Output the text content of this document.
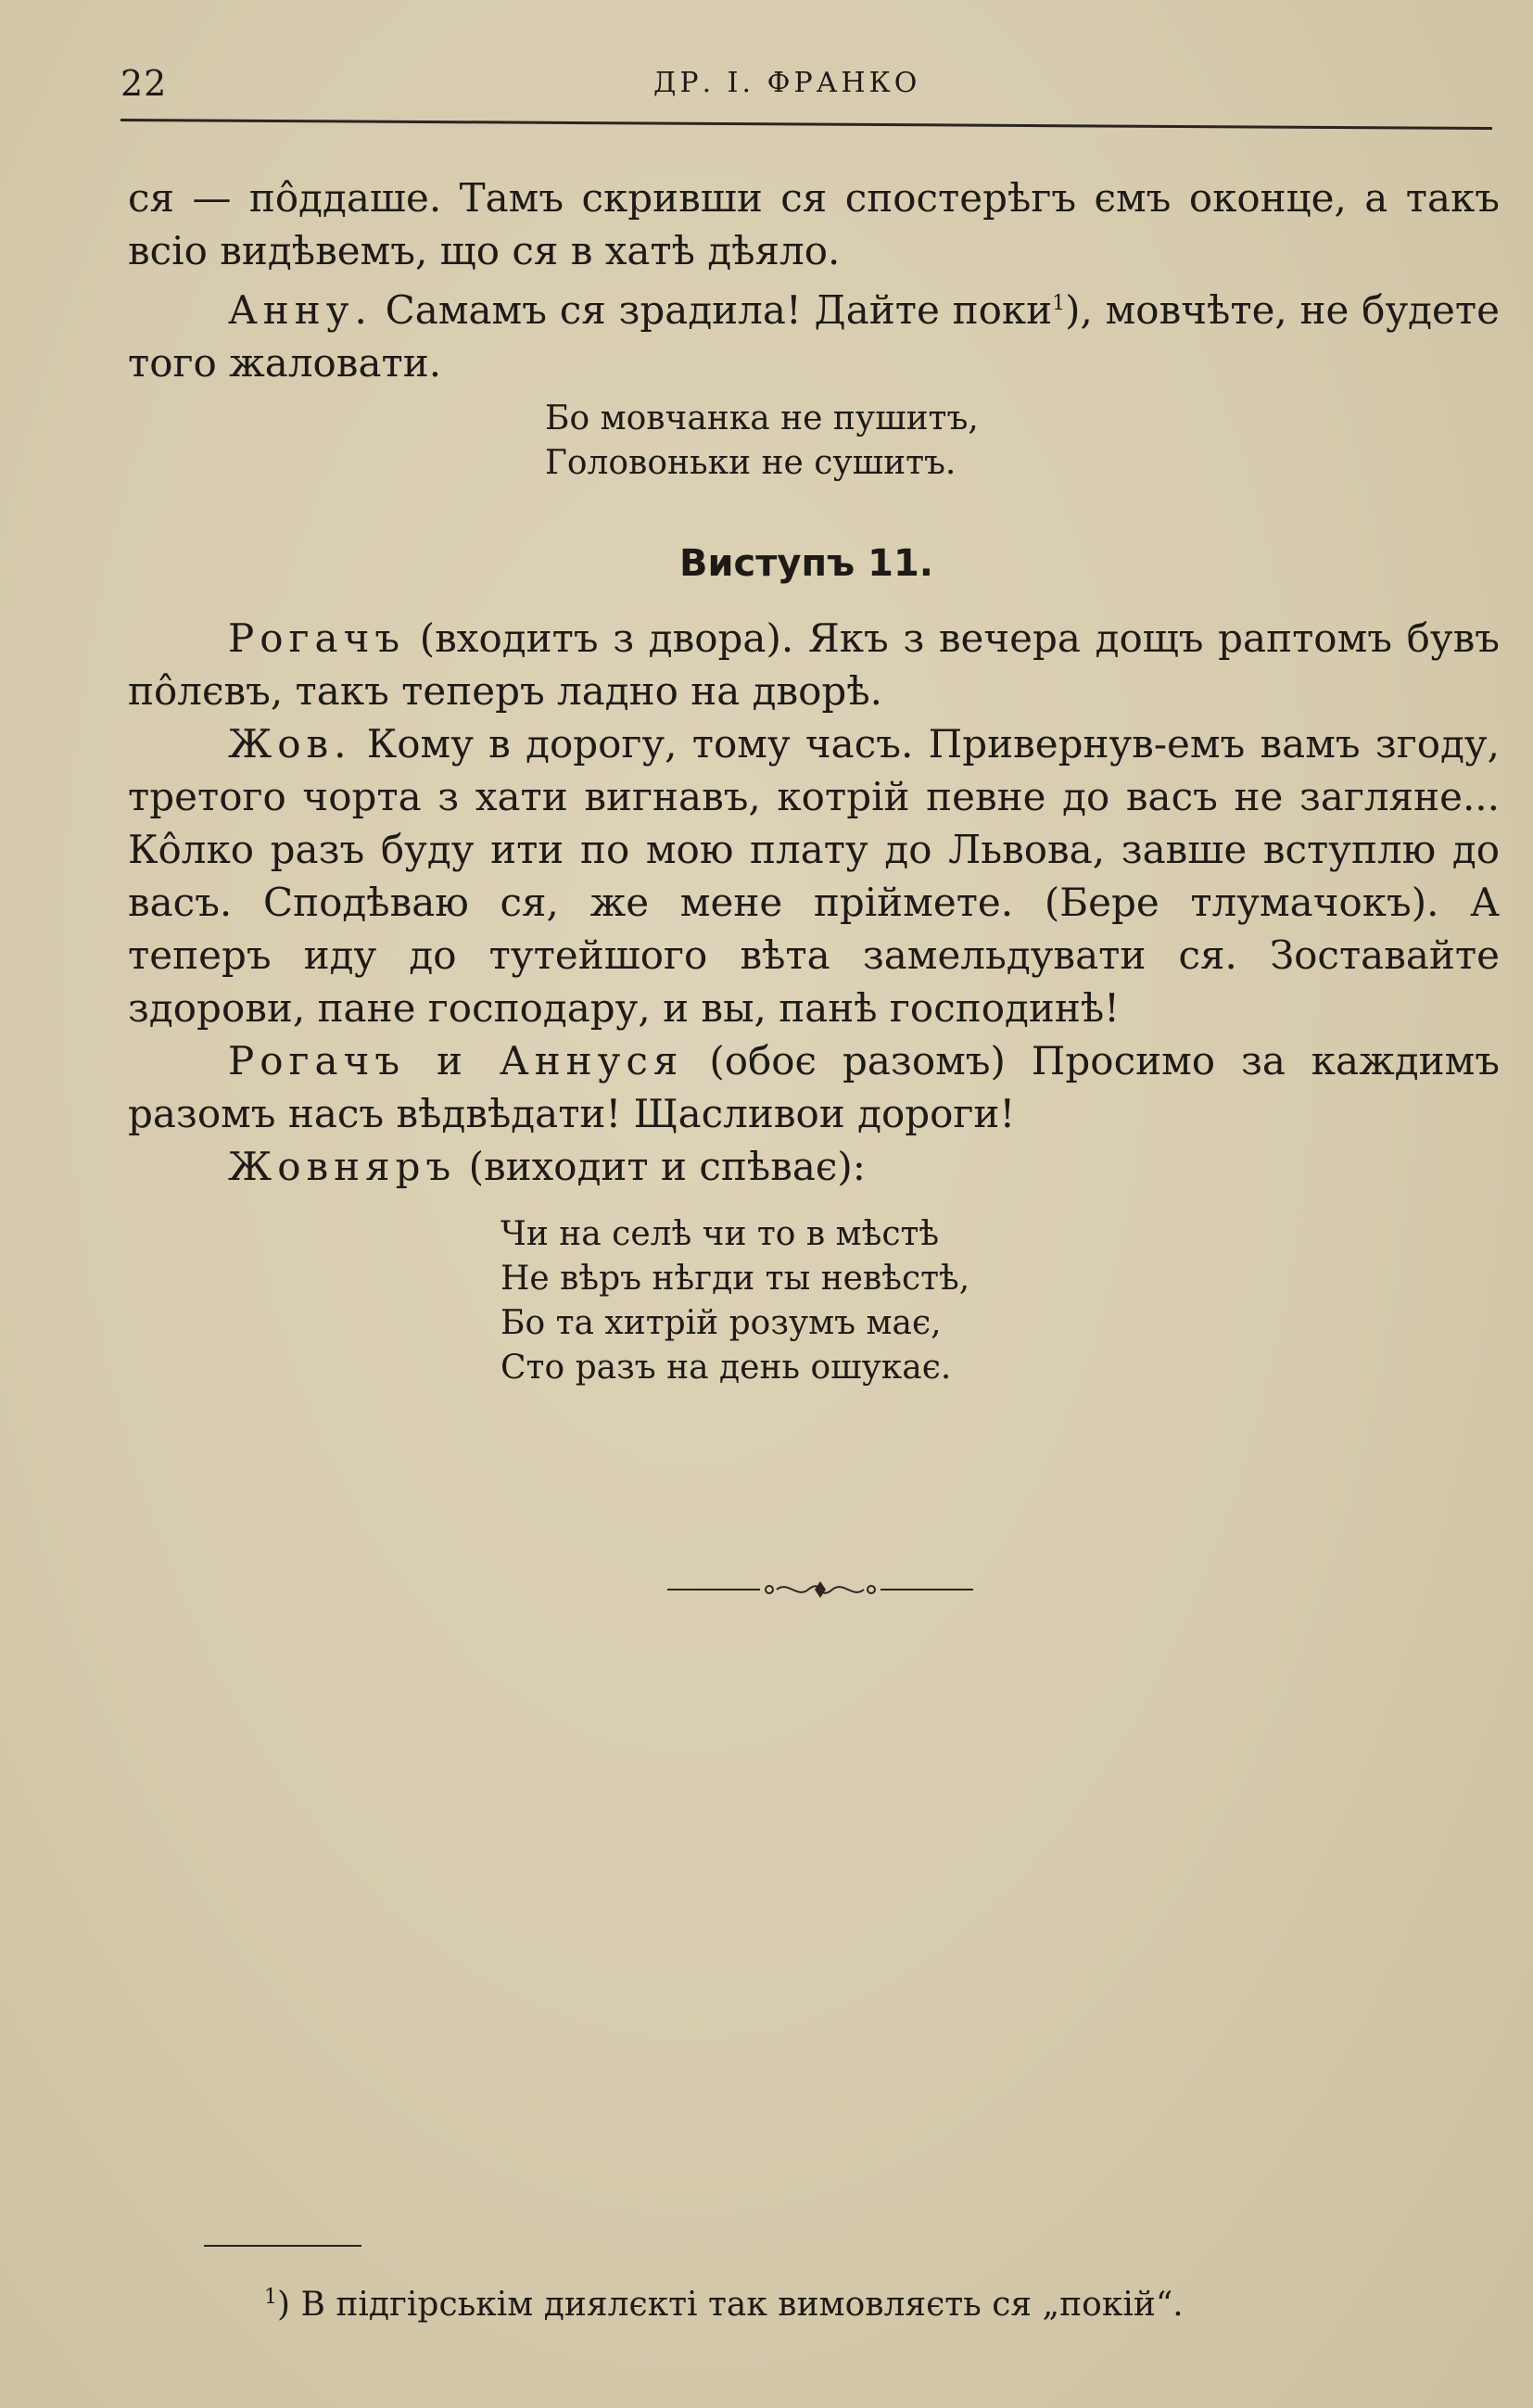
22	ДР. І. ФРАНКО

ся — пôддаше. Тамъ скривши ся спостерѣгъ ємъ оконце, а такъ всіо видѣвемъ, що ся в хатѣ дѣяло.

Анну. Самамъ ся зрадила! Дайте поки$^1$), мовчѣте, не будете того жаловати.

Бо мовчанка не пушитъ,
Головоньки не сушитъ.
Виступъ 11.

Рогачъ (входитъ з двора). Якъ з вечера дощъ раптомъ бувъ пôлєвъ, такъ теперъ ладно на дворѣ.

Жов. Кому в дорогу, тому часъ. Привернув-емъ вамъ згоду, третого чорта з хати вигнавъ, котрій певне до васъ не загляне... Кôлко разъ буду ити по мою плату до Львова, завше вступлю до васъ. Сподѣваю ся, же мене пріймете. (Бере тлумачокъ). А теперъ иду до тутейшого вѣта замельдувати ся. Зоставайте здорови, пане господару, и вы, панѣ господинѣ!

Рогачъ и Аннуся (обоє разомъ) Просимо за каждимъ разомъ насъ вѣдвѣдати! Щасливои дороги!

Жовняръ (виходит и спѣває):

Чи на селѣ чи то в мѣстѣ
Не вѣръ нѣгди ты невѣстѣ,
Бо та хитрій розумъ має,
Сто разъ на день ошукає.
$^1$) В підгірськім диялєкті так вимовляєть ся „покій“.
